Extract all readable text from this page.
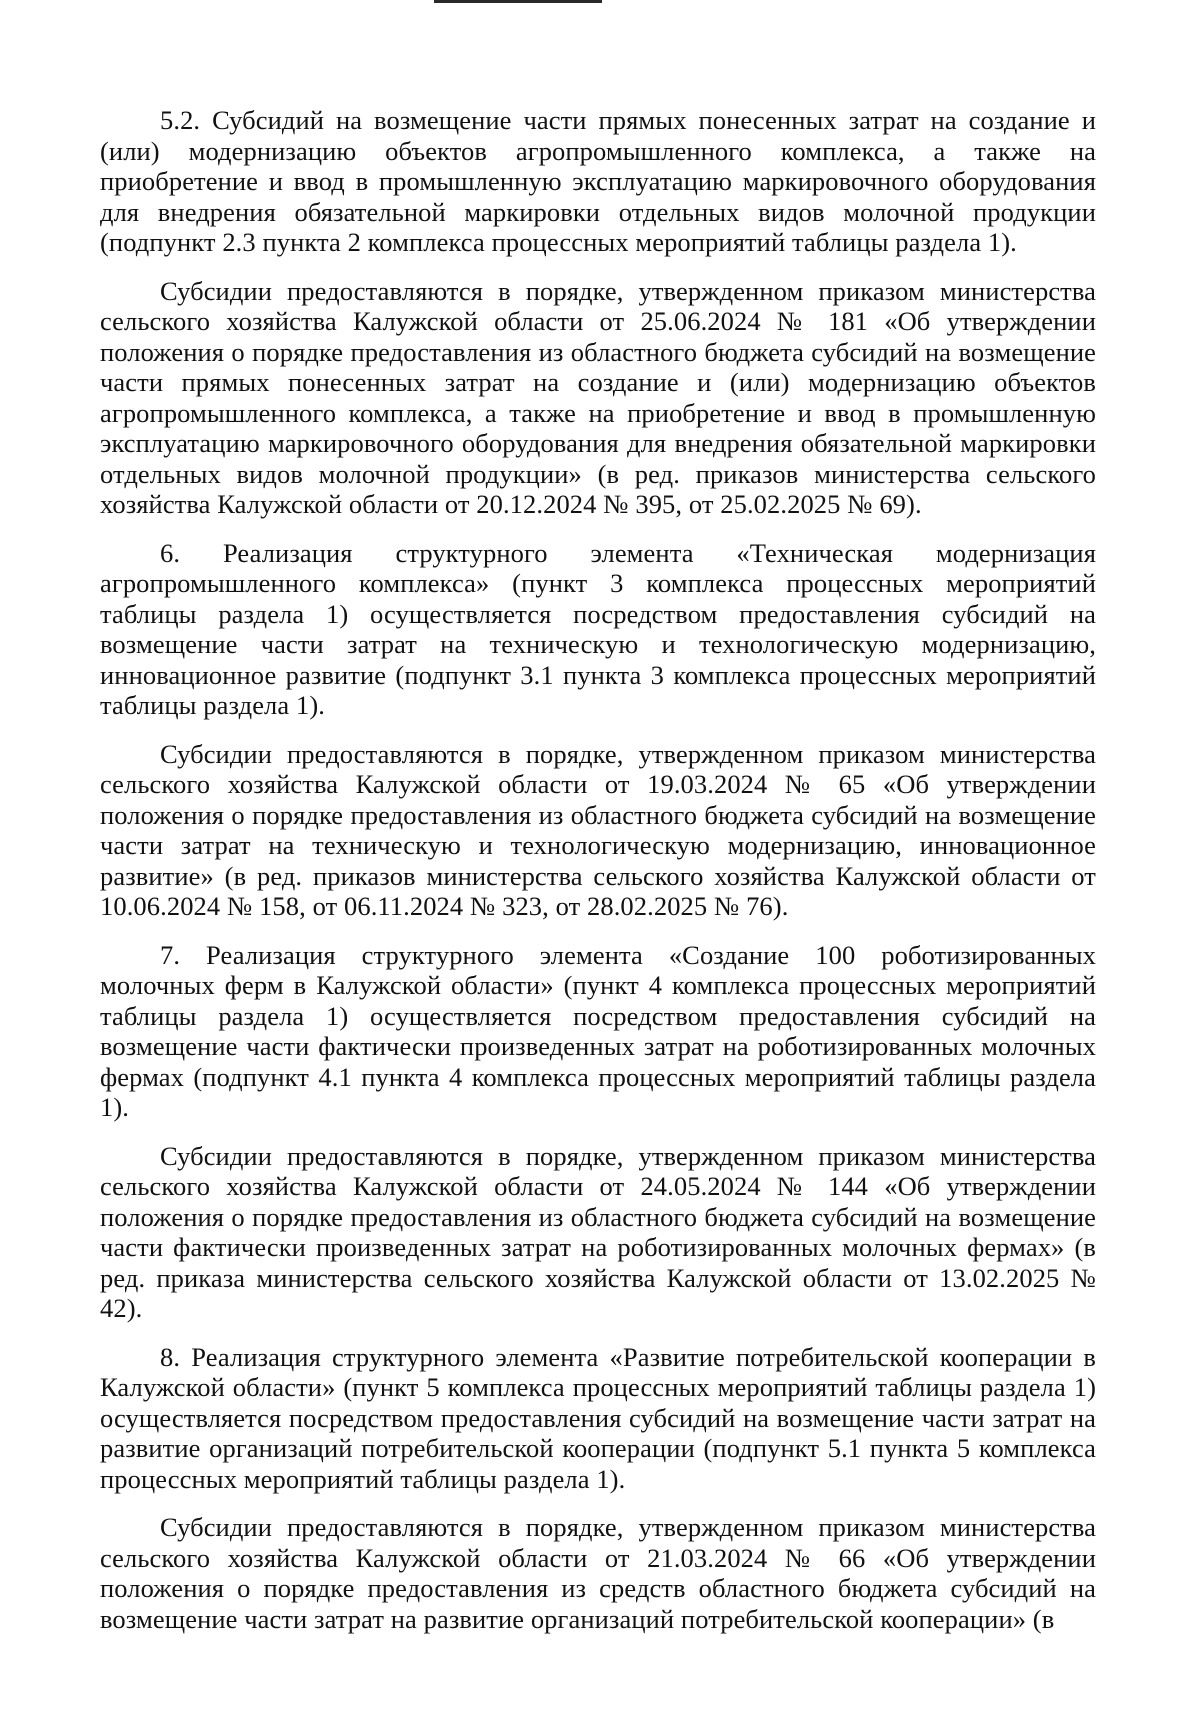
5.2. Субсидий на возмещение части прямых понесенных затрат на создание и (или) модернизацию объектов агропромышленного комплекса, а также на приобретение и ввод в промышленную эксплуатацию маркировочного оборудования для внедрения обязательной маркировки отдельных видов молочной продукции (подпункт 2.3 пункта 2 комплекса процессных мероприятий таблицы раздела 1).

Субсидии предоставляются в порядке, утвержденном приказом министерства сельского хозяйства Калужской области от 25.06.2024 № 181 «Об утверждении положения о порядке предоставления из областного бюджета субсидий на возмещение части прямых понесенных затрат на создание и (или) модернизацию объектов агропромышленного комплекса, а также на приобретение и ввод в промышленную эксплуатацию маркировочного оборудования для внедрения обязательной маркировки отдельных видов молочной продукции» (в ред. приказов министерства сельского хозяйства Калужской области от 20.12.2024 № 395, от 25.02.2025 № 69).

6. Реализация структурного элемента «Техническая модернизация агропромышленного комплекса» (пункт 3 комплекса процессных мероприятий таблицы раздела 1) осуществляется посредством предоставления субсидий на возмещение части затрат на техническую и технологическую модернизацию, инновационное развитие (подпункт 3.1 пункта 3 комплекса процессных мероприятий таблицы раздела 1).

Субсидии предоставляются в порядке, утвержденном приказом министерства сельского хозяйства Калужской области от 19.03.2024 № 65 «Об утверждении положения о порядке предоставления из областного бюджета субсидий на возмещение части затрат на техническую и технологическую модернизацию, инновационное развитие» (в ред. приказов министерства сельского хозяйства Калужской области от 10.06.2024 № 158, от 06.11.2024 № 323, от 28.02.2025 № 76).

7. Реализация структурного элемента «Создание 100 роботизированных молочных ферм в Калужской области» (пункт 4 комплекса процессных мероприятий таблицы раздела 1) осуществляется посредством предоставления субсидий на возмещение части фактически произведенных затрат на роботизированных молочных фермах (подпункт 4.1 пункта 4 комплекса процессных мероприятий таблицы раздела 1).

Субсидии предоставляются в порядке, утвержденном приказом министерства сельского хозяйства Калужской области от 24.05.2024 № 144 «Об утверждении положения о порядке предоставления из областного бюджета субсидий на возмещение части фактически произведенных затрат на роботизированных молочных фермах» (в ред. приказа министерства сельского хозяйства Калужской области от 13.02.2025 № 42).

8. Реализация структурного элемента «Развитие потребительской кооперации в Калужской области» (пункт 5 комплекса процессных мероприятий таблицы раздела 1) осуществляется посредством предоставления субсидий на возмещение части затрат на развитие организаций потребительской кооперации (подпункт 5.1 пункта 5 комплекса процессных мероприятий таблицы раздела 1).

Субсидии предоставляются в порядке, утвержденном приказом министерства сельского хозяйства Калужской области от 21.03.2024 № 66 «Об утверждении положения о порядке предоставления из средств областного бюджета субсидий на возмещение части затрат на развитие организаций потребительской кооперации» (в
